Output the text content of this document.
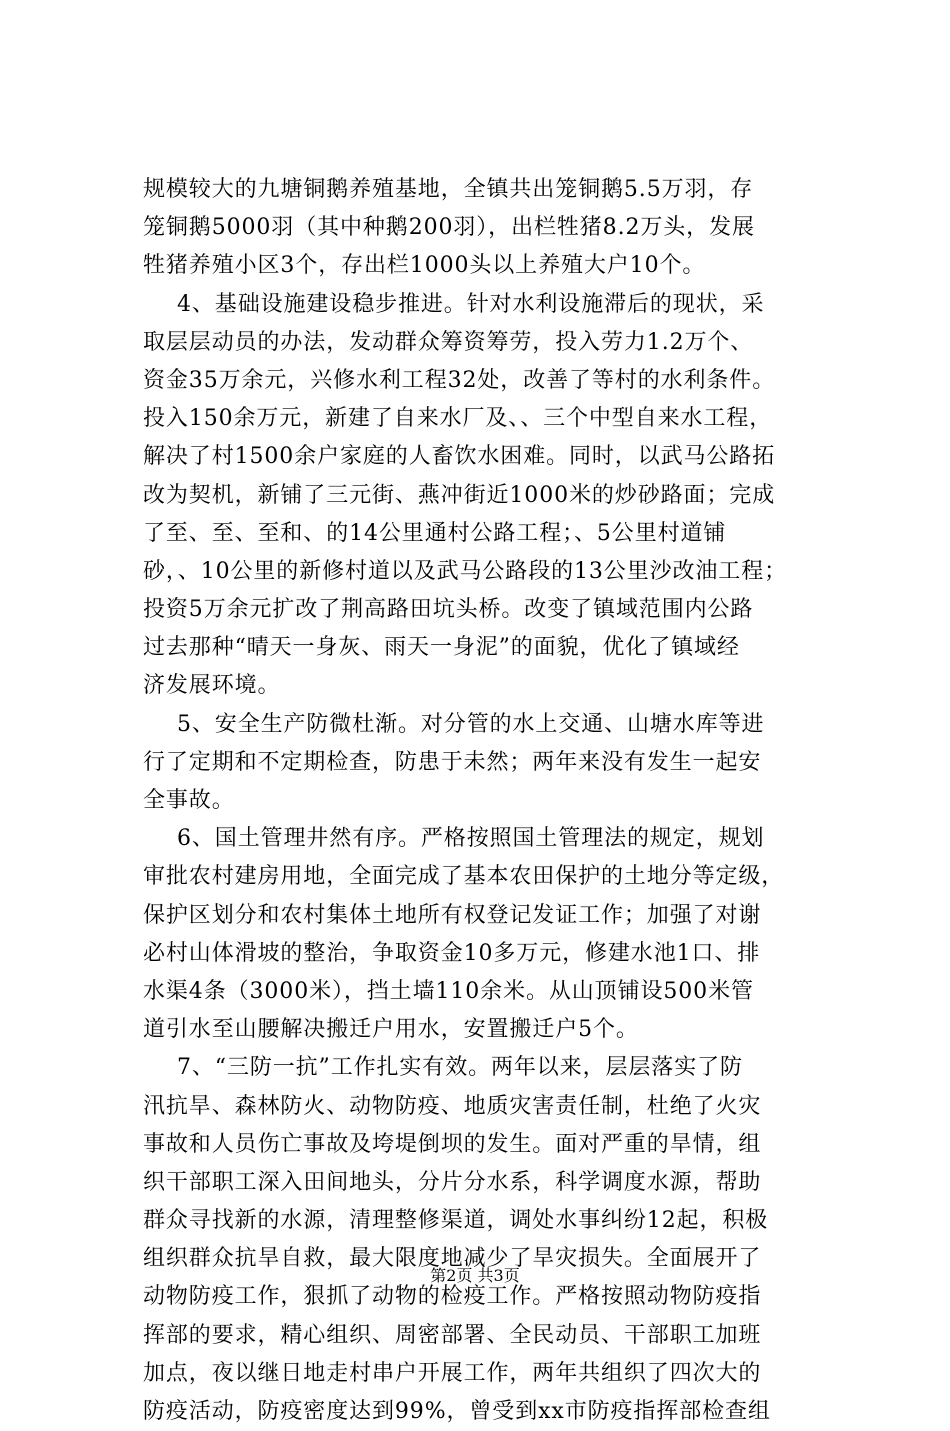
规模较大的九塘铜鹅养殖基地，全镇共出笼铜鹅5.5万羽，存
笼铜鹅5000羽（其中种鹅200羽），出栏牲猪8.2万头，发展
牲猪养殖小区3个，存出栏1000头以上养殖大户10个。
4、基础设施建设稳步推进。针对水利设施滞后的现状，采
取层层动员的办法，发动群众筹资筹劳，投入劳力1.2万个、
资金35万余元，兴修水利工程32处，改善了等村的水利条件。
投入150余万元，新建了自来水厂及、、三个中型自来水工程，
解决了村1500余户家庭的人畜饮水困难。同时，以武马公路拓
改为契机，新铺了三元街、燕冲街近1000米的炒砂路面；完成
了至、至、至和、的14公里通村公路工程；、5公里村道铺
砂，、10公里的新修村道以及武马公路段的13公里沙改油工程；
投资5万余元扩改了荆高路田坑头桥。改变了镇域范围内公路
过去那种“晴天一身灰、雨天一身泥”的面貌，优化了镇域经
济发展环境。
5、安全生产防微杜渐。对分管的水上交通、山塘水库等进
行了定期和不定期检查，防患于未然；两年来没有发生一起安
全事故。
6、国土管理井然有序。严格按照国土管理法的规定，规划
审批农村建房用地，全面完成了基本农田保护的土地分等定级，
保护区划分和农村集体土地所有权登记发证工作；加强了对谢
必村山体滑坡的整治，争取资金10多万元，修建水池1口、排
水渠4条（3000米），挡土墙110余米。从山顶铺设500米管
道引水至山腰解决搬迁户用水，安置搬迁户5个。
7、“三防一抗”工作扎实有效。两年以来，层层落实了防
汛抗旱、森林防火、动物防疫、地质灾害责任制，杜绝了火灾
事故和人员伤亡事故及垮堤倒坝的发生。面对严重的旱情，组
织干部职工深入田间地头，分片分水系，科学调度水源，帮助
群众寻找新的水源，清理整修渠道，调处水事纠纷12起，积极
组织群众抗旱自救，最大限度地减少了旱灾损失。全面展开了
动物防疫工作，狠抓了动物的检疫工作。严格按照动物防疫指
挥部的要求，精心组织、周密部署、全民动员、干部职工加班
加点，夜以继日地走村串户开展工作，两年共组织了四次大的
防疫活动，防疫密度达到99%，曾受到xx市防疫指挥部检查组
第2页 共3页
